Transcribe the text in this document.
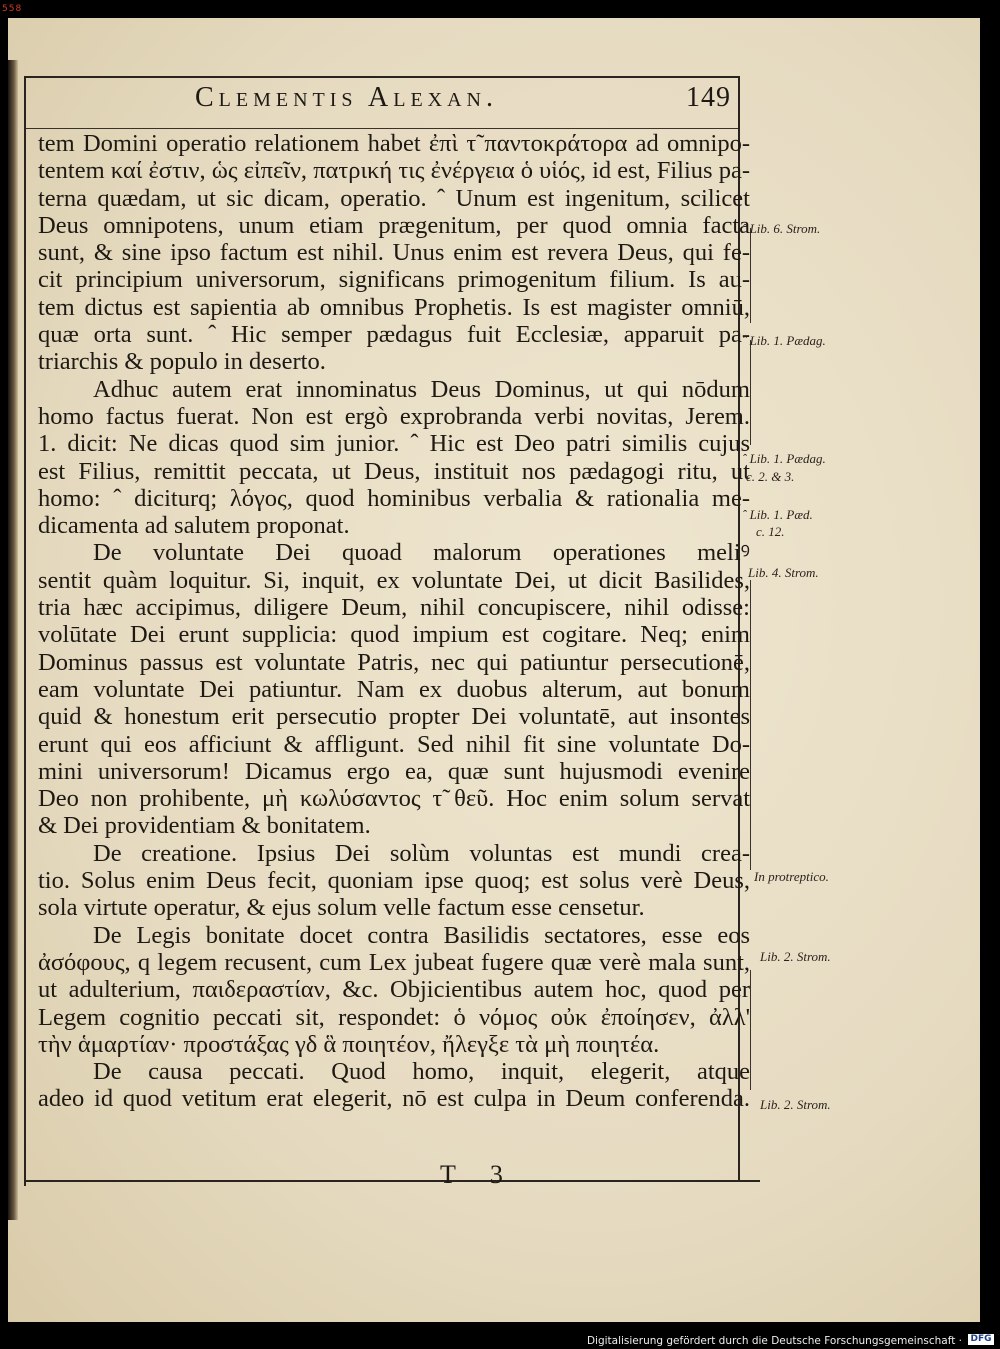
558
Clementis Alexan.	149
tem Domini operatio relationem habet ἐπὶ τ̃ παντοκράτορα ad omnipo-
tentem καί ἐστιν, ὡς εἰπεῖν, πατρική τις ἐνέργεια ὁ υἱός, id est, Filius pa-
terna quædam, ut sic dicam, operatio. ˆ Unum est ingenitum, scilicet
Deus omnipotens, unum etiam prægenitum, per quod omnia facta
sunt, & sine ipso factum est nihil. Unus enim est revera Deus, qui fe-
cit principium universorum, significans primogenitum filium. Is au-
tem dictus est sapientia ab omnibus Prophetis. Is est magister omniū,
quæ orta sunt. ˆ Hic semper pædagus fuit Ecclesiæ, apparuit pa-
triarchis & populo in deserto.
Adhuc autem erat innominatus Deus Dominus, ut qui nōdum
homo factus fuerat. Non est ergò exprobranda verbi novitas, Jerem.
1. dicit: Ne dicas quod sim junior. ˆ Hic est Deo patri similis cujus
est Filius, remittit peccata, ut Deus, instituit nos pædagogi ritu, ut
homo: ˆ diciturq; λόγος, quod hominibus verbalia & rationalia me-
dicamenta ad salutem proponat.
De voluntate Dei quoad malorum operationes meliꝰ
sentit quàm loquitur. Si, inquit, ex voluntate Dei, ut dicit Basilides,
tria hæc accipimus, diligere Deum, nihil concupiscere, nihil odisse:
volūtate Dei erunt supplicia: quod impium est cogitare. Neq; enim
Dominus passus est voluntate Patris, nec qui patiuntur persecutionē,
eam voluntate Dei patiuntur. Nam ex duobus alterum, aut bonum
quid & honestum erit persecutio propter Dei voluntatē, aut insontes
erunt qui eos afficiunt & affligunt. Sed nihil fit sine voluntate Do-
mini universorum! Dicamus ergo ea, quæ sunt hujusmodi evenire
Deo non prohibente, μὴ κωλύσαντος τ̃ θεῦ. Hoc enim solum servat
& Dei providentiam & bonitatem.
De creatione. Ipsius Dei solùm voluntas est mundi crea-
tio. Solus enim Deus fecit, quoniam ipse quoq; est solus verè Deus,
sola virtute operatur, & ejus solum velle factum esse censetur.
De Legis bonitate docet contra Basilidis sectatores, esse eos
ἀσόφους, q legem recusent, cum Lex jubeat fugere quæ verè mala sunt,
ut adulterium, παιδεραστίαν, &c. Objicientibus autem hoc, quod per
Legem cognitio peccati sit, respondet: ὁ νόμος οὐκ ἐποίησεν, ἀλλ'
τὴν ἁμαρτίαν· προστάξας γδ ἃ ποιητέον, ἤλεγξε τὰ μὴ ποιητέα.
De causa peccati. Quod homo, inquit, elegerit, atque
adeo id quod vetitum erat elegerit, nō est culpa in Deum conferenda.
ˆ Lib. 6. Strom.
ˆ Lib. 1. Pædag.
ˆ Lib. 1. Pædag.
c. 2. & 3.
ˆ Lib. 1. Pæd.
c. 12.
Lib. 4. Strom.
In protreptico.
Lib. 2. Strom.
Lib. 2. Strom.
T 3
Digitalisierung gefördert durch die Deutsche Forschungsgemeinschaft · DFG
